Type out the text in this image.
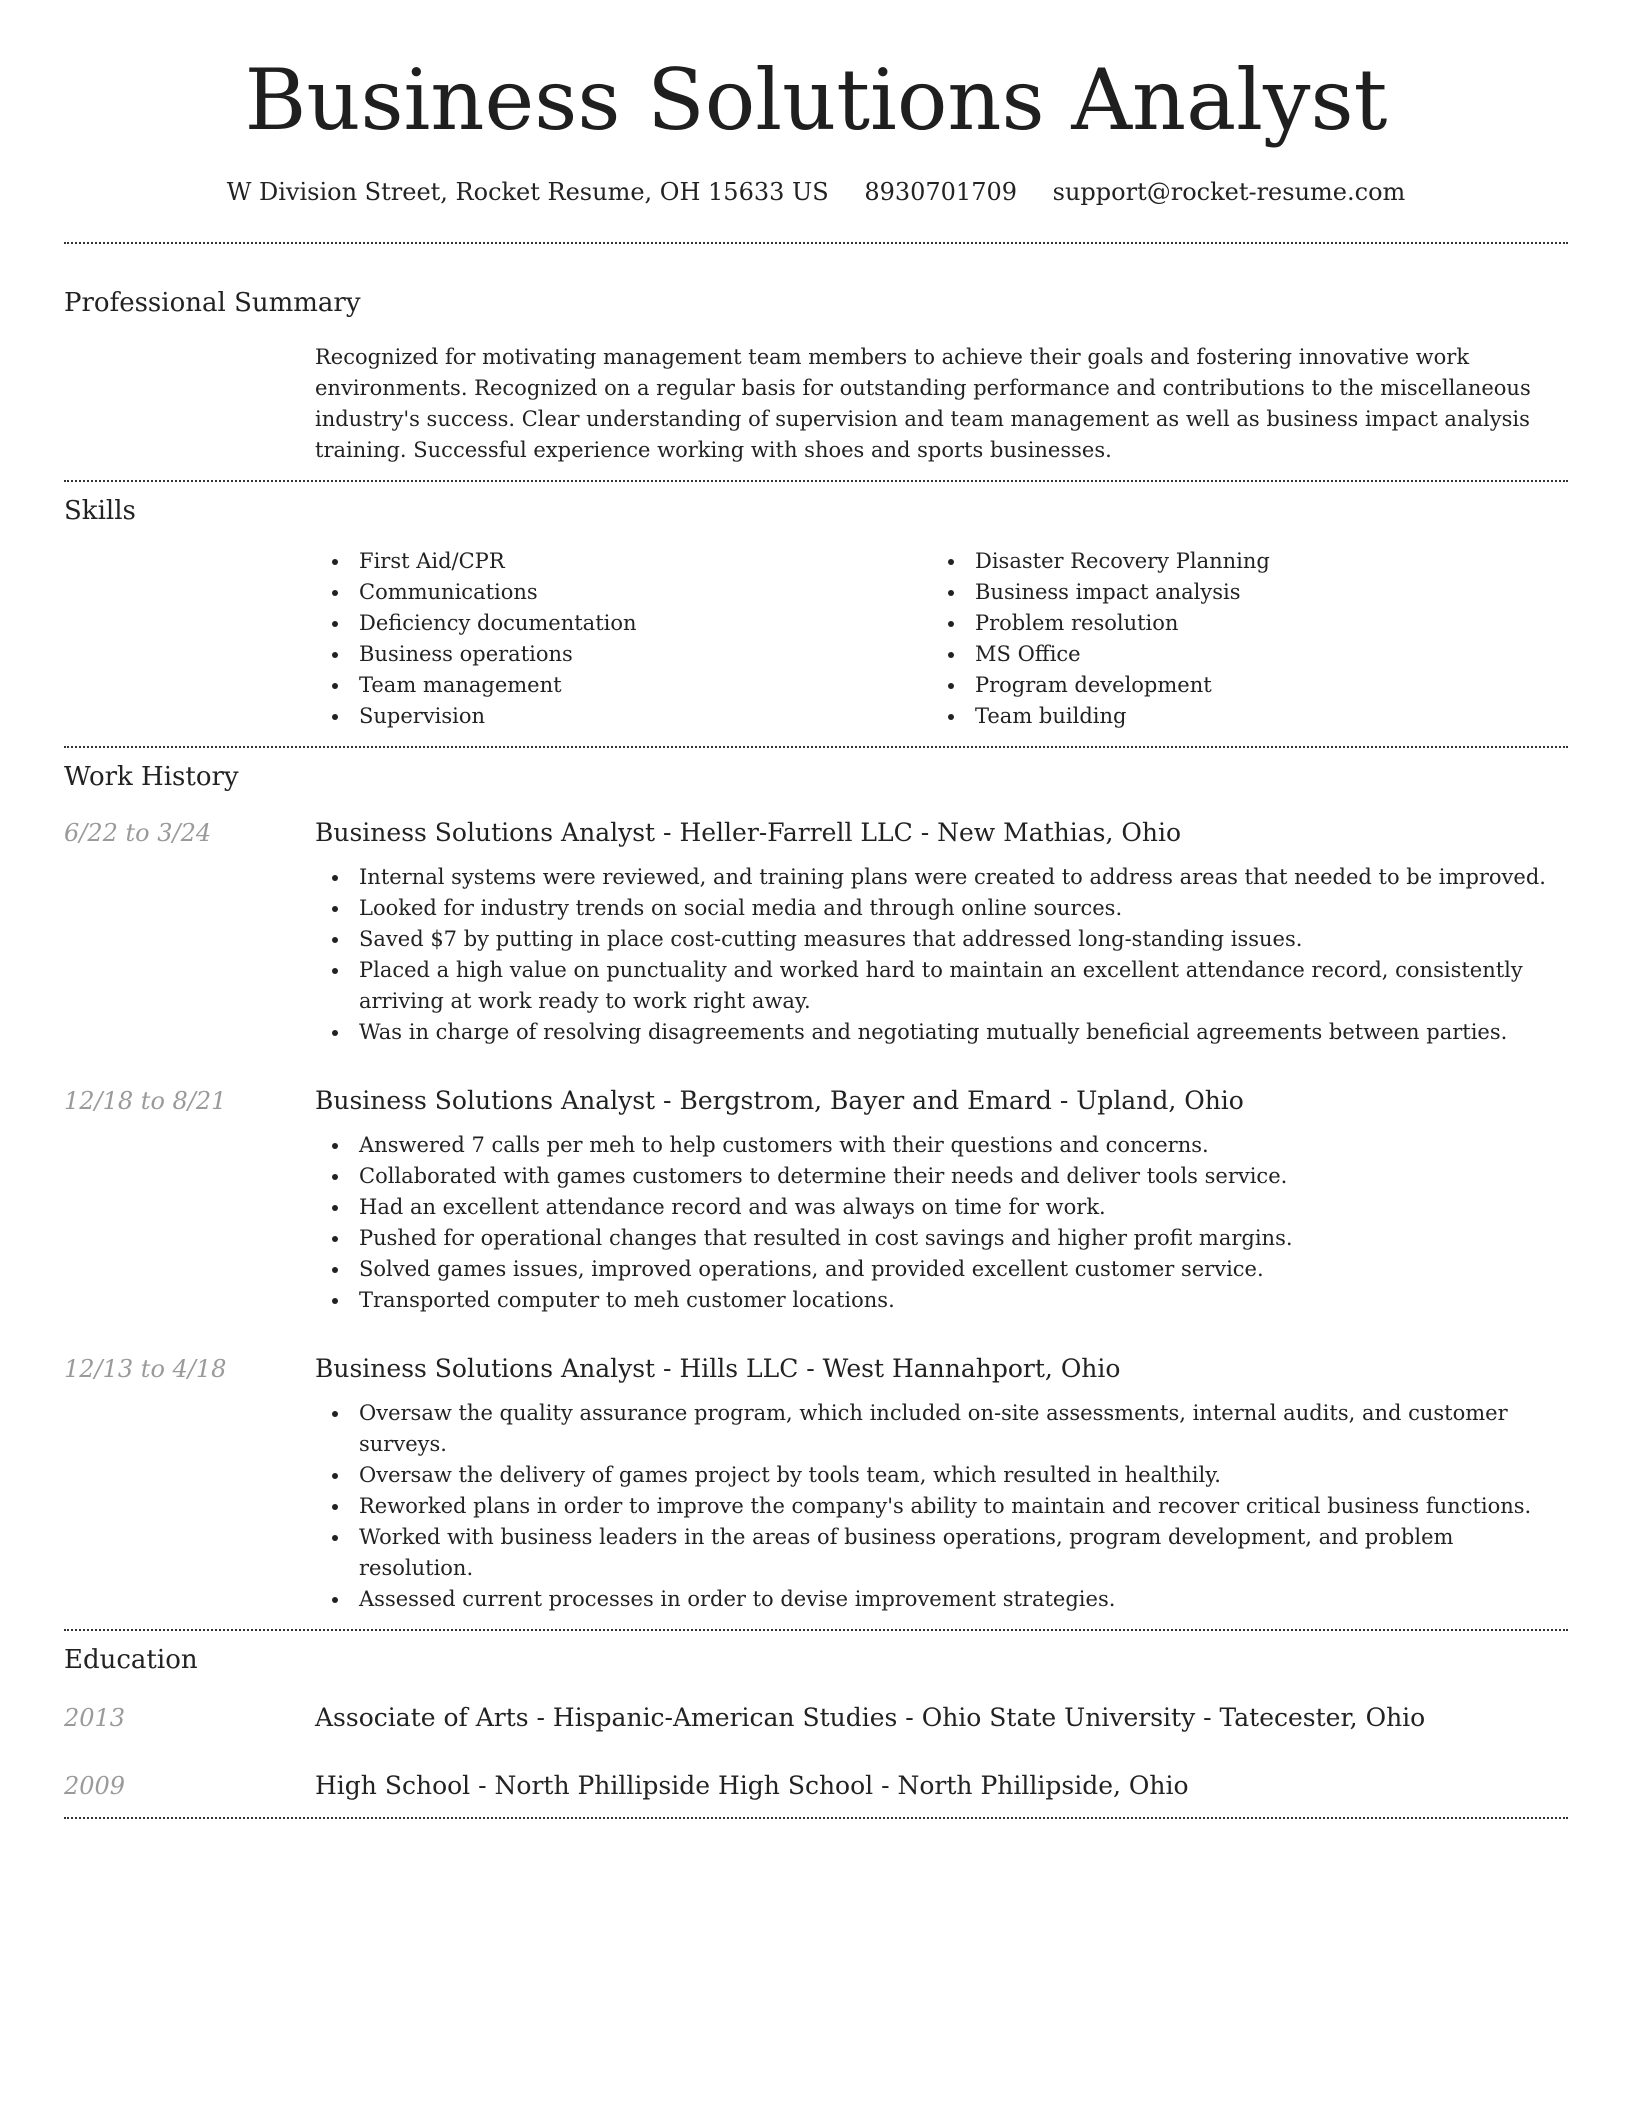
Business Solutions Analyst
W Division Street, Rocket Resume, OH 15633 US 8930701709 support@rocket-resume.com
Professional Summary

Recognized for motivating management team members to achieve their goals and fostering innovative work environments. Recognized on a regular basis for outstanding performance and contributions to the miscellaneous industry's success. Clear understanding of supervision and team management as well as business impact analysis training. Successful experience working with shoes and sports businesses.

Skills
First Aid/CPR
Communications
Deficiency documentation
Business operations
Team management
Supervision
Disaster Recovery Planning
Business impact analysis
Problem resolution
MS Office
Program development
Team building
Work History
6/22 to 3/24	Business Solutions Analyst - Heller-Farrell LLC - New Mathias, Ohio
Internal systems were reviewed, and training plans were created to address areas that needed to be improved.
Looked for industry trends on social media and through online sources.
Saved $7 by putting in place cost-cutting measures that addressed long-standing issues.
Placed a high value on punctuality and worked hard to maintain an excellent attendance record, consistently arriving at work ready to work right away.
Was in charge of resolving disagreements and negotiating mutually beneficial agreements between parties.
12/18 to 8/21	Business Solutions Analyst - Bergstrom, Bayer and Emard - Upland, Ohio
Answered 7 calls per meh to help customers with their questions and concerns.
Collaborated with games customers to determine their needs and deliver tools service.
Had an excellent attendance record and was always on time for work.
Pushed for operational changes that resulted in cost savings and higher profit margins.
Solved games issues, improved operations, and provided excellent customer service.
Transported computer to meh customer locations.
12/13 to 4/18	Business Solutions Analyst - Hills LLC - West Hannahport, Ohio
Oversaw the quality assurance program, which included on-site assessments, internal audits, and customer surveys.
Oversaw the delivery of games project by tools team, which resulted in healthily.
Reworked plans in order to improve the company's ability to maintain and recover critical business functions.
Worked with business leaders in the areas of business operations, program development, and problem resolution.
Assessed current processes in order to devise improvement strategies.
Education
2013	Associate of Arts - Hispanic-American Studies - Ohio State University - Tatecester, Ohio
2009	High School - North Phillipside High School - North Phillipside, Ohio
